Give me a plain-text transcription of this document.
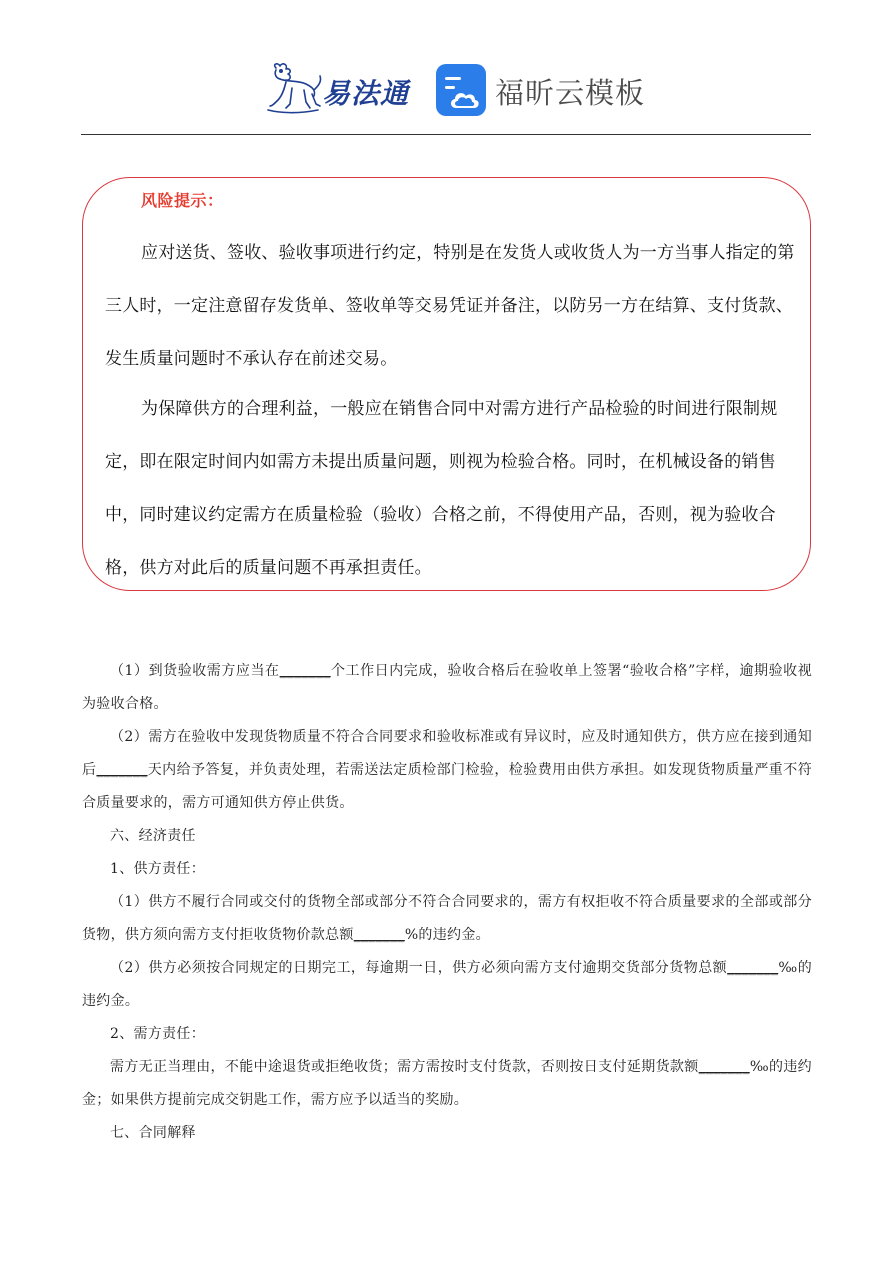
易法通	福昕云模板
风险提示：

应对送货、签收、验收事项进行约定，特别是在发货人或收货人为一方当事人指定的第三人时，一定注意留存发货单、签收单等交易凭证并备注，以防另一方在结算、支付货款、发生质量问题时不承认存在前述交易。

为保障供方的合理利益，一般应在销售合同中对需方进行产品检验的时间进行限制规定，即在限定时间内如需方未提出质量问题，则视为检验合格。同时，在机械设备的销售中，同时建议约定需方在质量检验（验收）合格之前，不得使用产品，否则，视为验收合格，供方对此后的质量问题不再承担责任。

（1）到货验收需方应当在_______个工作日内完成，验收合格后在验收单上签署“验收合格”字样，逾期验收视为验收合格。

（2）需方在验收中发现货物质量不符合合同要求和验收标准或有异议时，应及时通知供方，供方应在接到通知后_______天内给予答复，并负责处理，若需送法定质检部门检验，检验费用由供方承担。如发现货物质量严重不符合质量要求的，需方可通知供方停止供货。

六、经济责任

1、供方责任：

（1）供方不履行合同或交付的货物全部或部分不符合合同要求的，需方有权拒收不符合质量要求的全部或部分货物，供方须向需方支付拒收货物价款总额_______%的违约金。

（2）供方必须按合同规定的日期完工，每逾期一日，供方必须向需方支付逾期交货部分货物总额_______‰的违约金。

2、需方责任：

需方无正当理由，不能中途退货或拒绝收货；需方需按时支付货款，否则按日支付延期货款额_______‰的违约金；如果供方提前完成交钥匙工作，需方应予以适当的奖励。

七、合同解释
